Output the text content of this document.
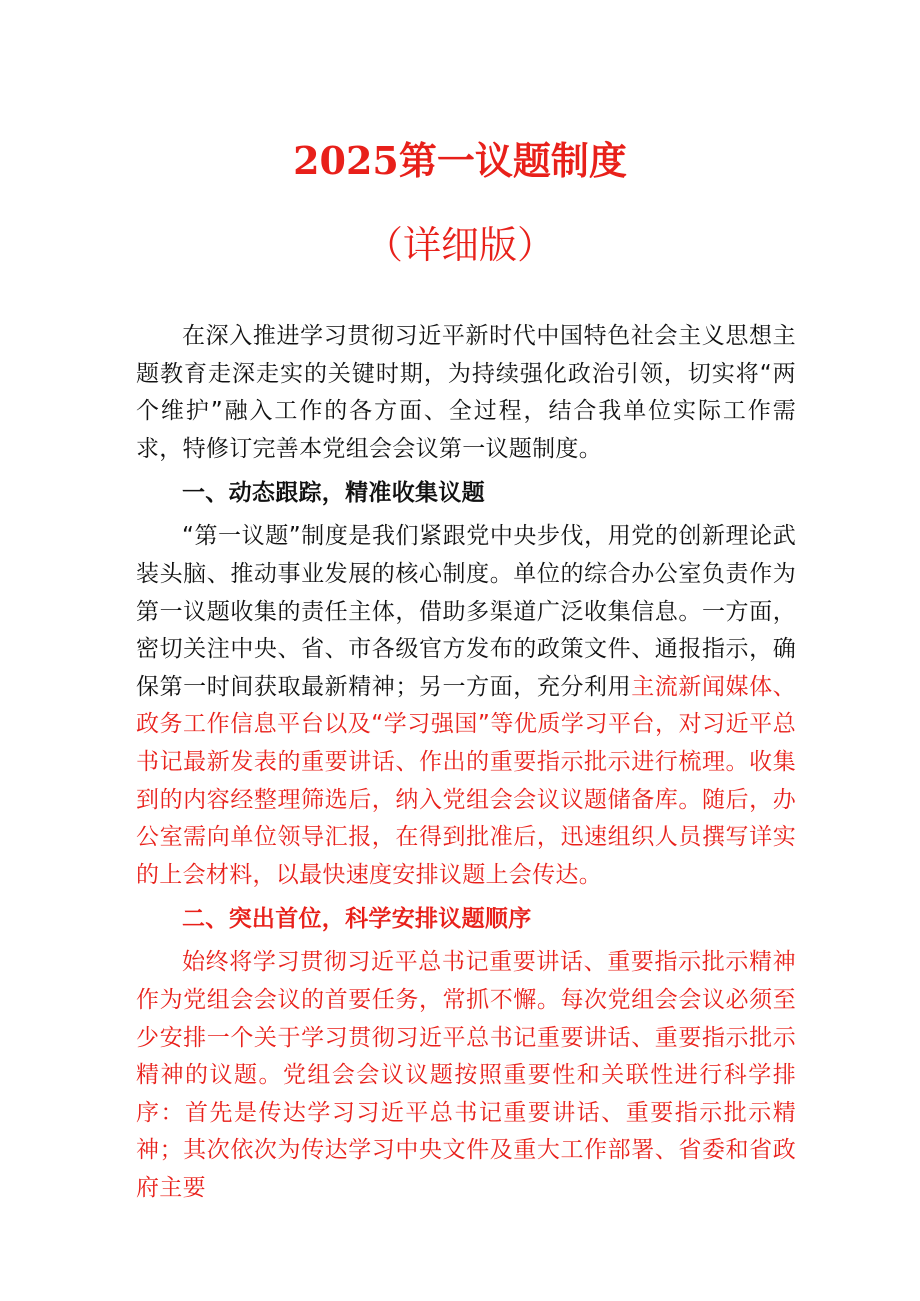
2025第一议题制度
（详细版）

在深入推进学习贯彻习近平新时代中国特色社会主义思想主题教育走深走实的关键时期，为持续强化政治引领，切实将“两个维护”融入工作的各方面、全过程，结合我单位实际工作需求，特修订完善本党组会会议第一议题制度。

一、动态跟踪，精准收集议题

“第一议题”制度是我们紧跟党中央步伐，用党的创新理论武装头脑、推动事业发展的核心制度。单位的综合办公室负责作为第一议题收集的责任主体，借助多渠道广泛收集信息。一方面，密切关注中央、省、市各级官方发布的政策文件、通报指示，确保第一时间获取最新精神；另一方面，充分利用主流新闻媒体、政务工作信息平台以及“学习强国”等优质学习平台，对习近平总书记最新发表的重要讲话、作出的重要指示批示进行梳理。收集到的内容经整理筛选后，纳入党组会会议议题储备库。随后，办公室需向单位领导汇报，在得到批准后，迅速组织人员撰写详实的上会材料，以最快速度安排议题上会传达。

二、突出首位，科学安排议题顺序

始终将学习贯彻习近平总书记重要讲话、重要指示批示精神作为党组会会议的首要任务，常抓不懈。每次党组会会议必须至少安排一个关于学习贯彻习近平总书记重要讲话、重要指示批示精神的议题。党组会会议议题按照重要性和关联性进行科学排序：首先是传达学习习近平总书记重要讲话、重要指示批示精神；其次依次为传达学习中央文件及重大工作部署、省委和省政府主要
